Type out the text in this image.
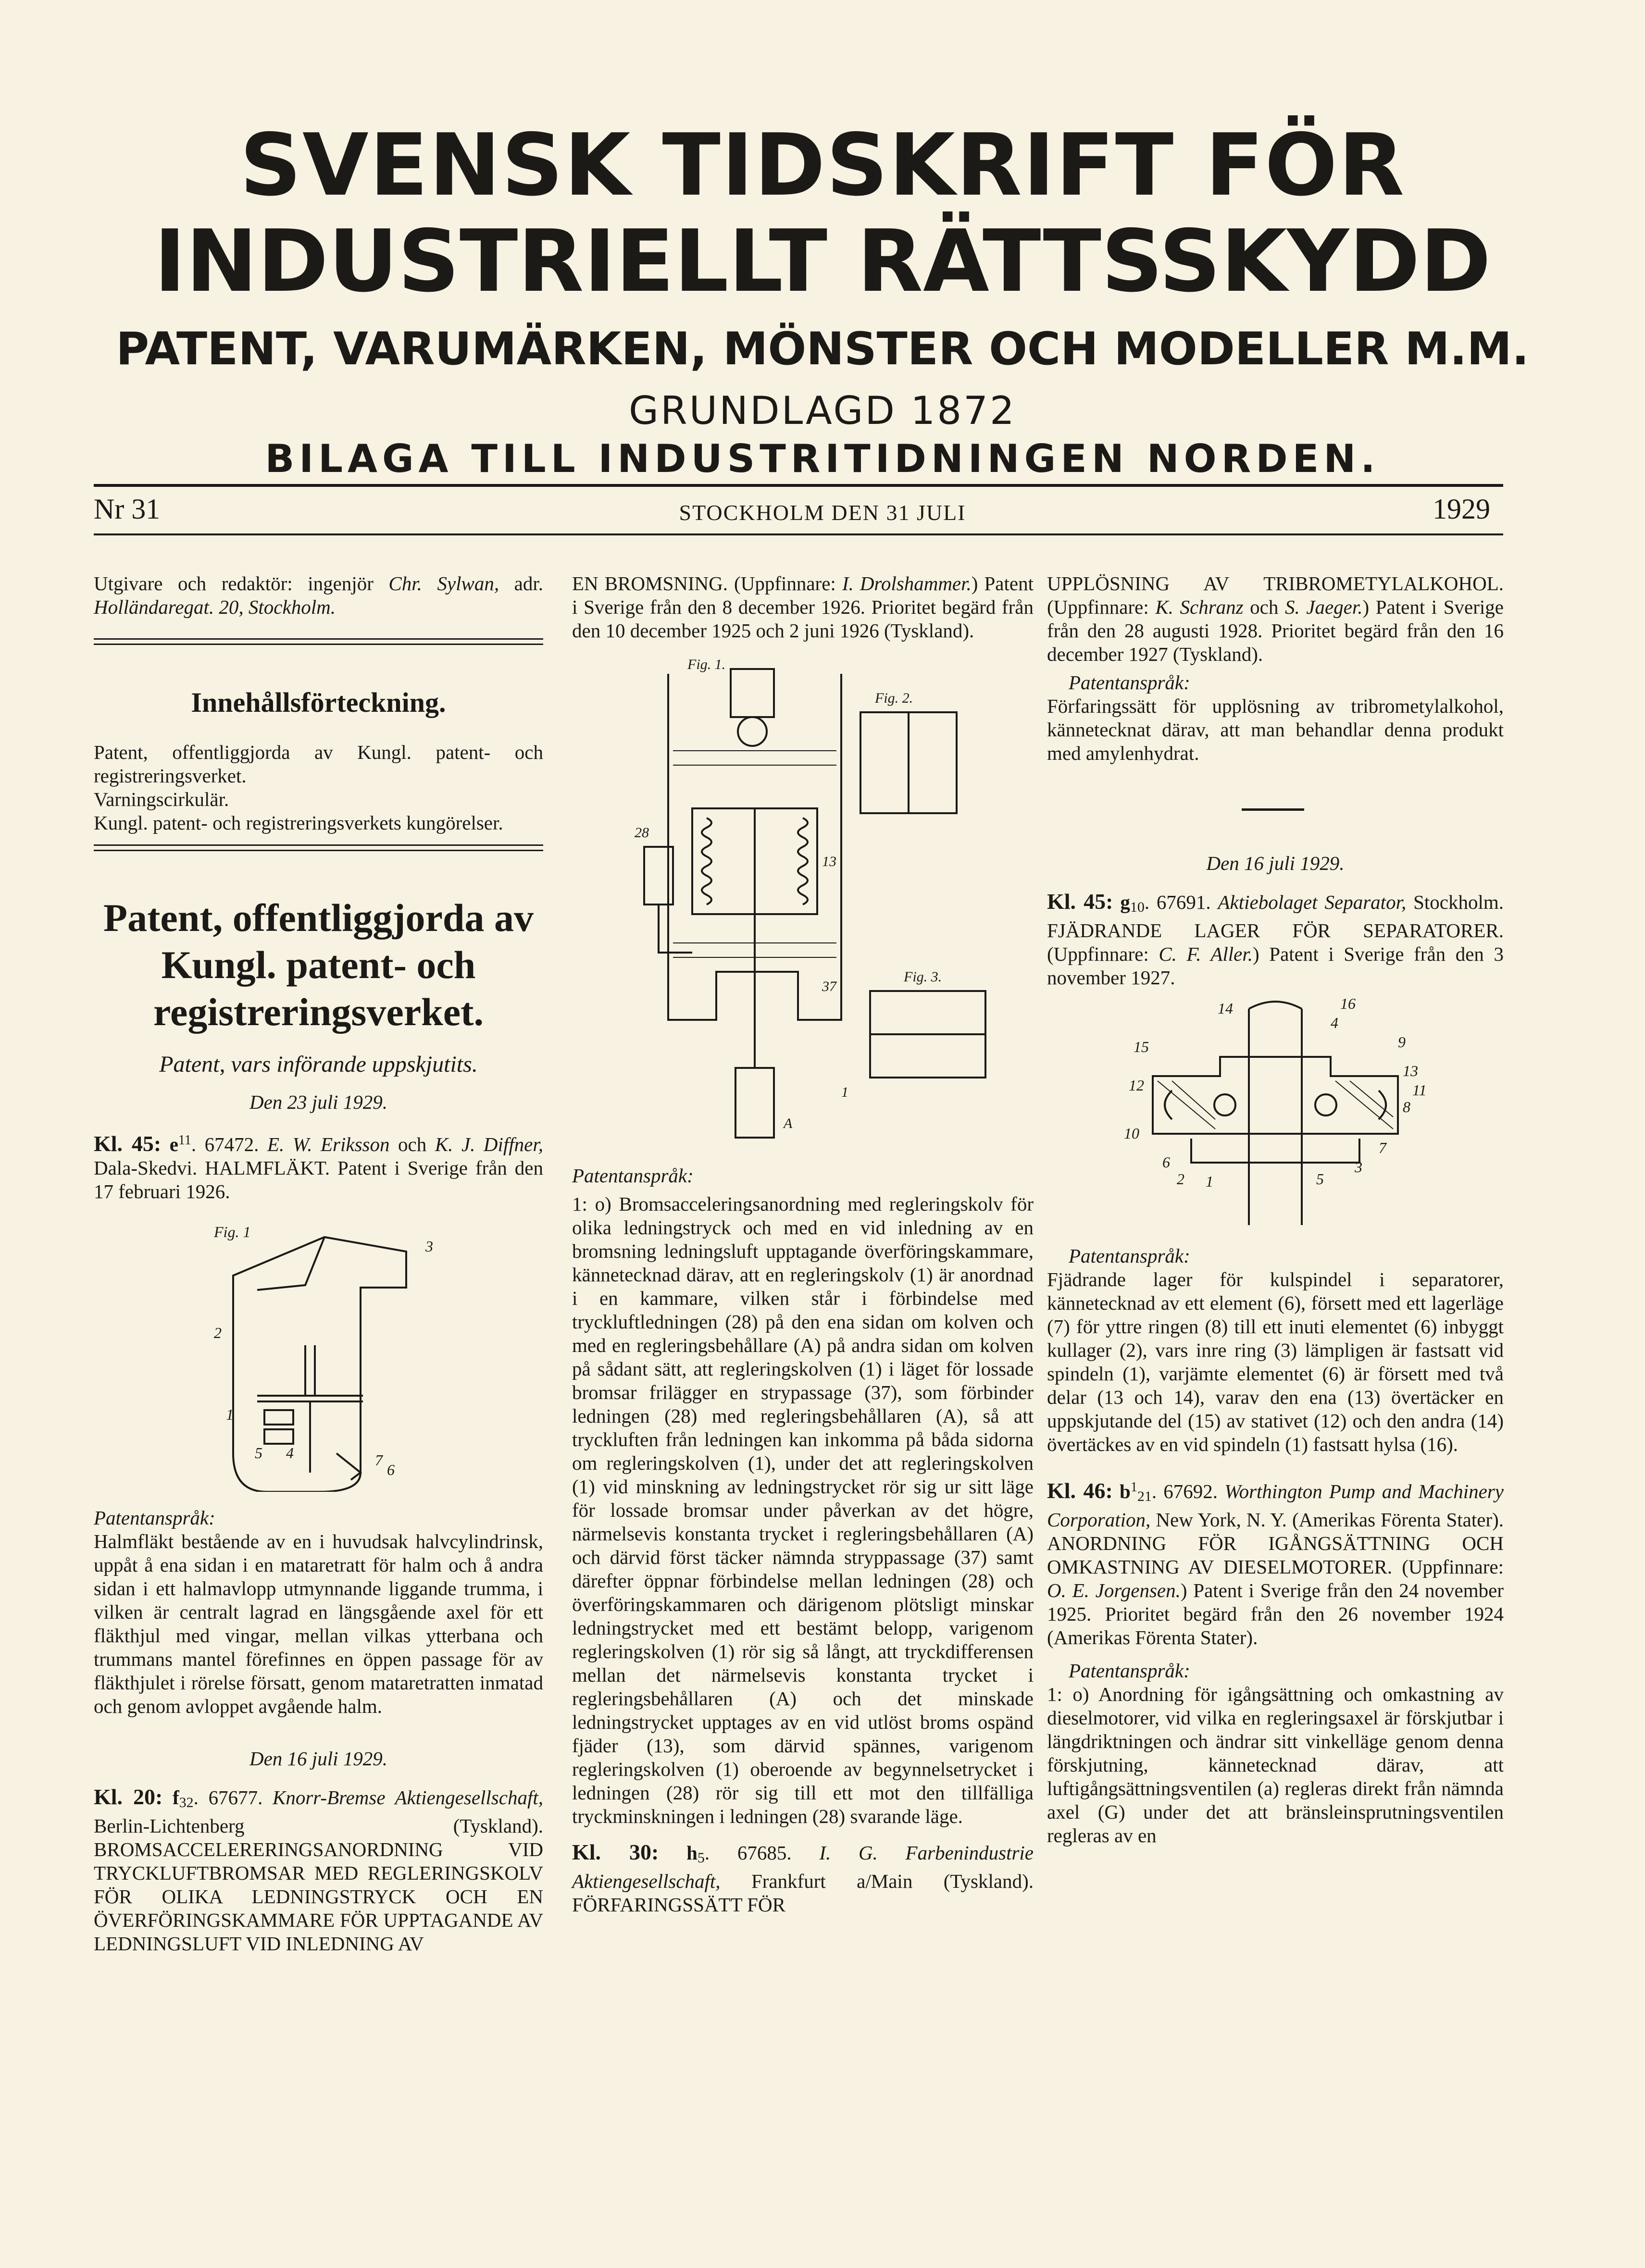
SVENSK TIDSKRIFT FÖR
INDUSTRIELLT RÄTTSSKYDD
PATENT, VARUMÄRKEN, MÖNSTER OCH MODELLER M.M.
GRUNDLAGD 1872
BILAGA TILL INDUSTRITIDNINGEN NORDEN.
Nr 31	STOCKHOLM DEN 31 JULI	1929

Utgivare och redaktör: ingenjör Chr. Sylwan, adr. Holländaregat. 20, Stockholm.

Innehållsförteckning.

Patent, offentliggjorda av Kungl. patent- och registreringsverket.

Varningscirkulär.

Kungl. patent- och registreringsverkets kungörelser.

Patent, offentliggjorda av Kungl. patent- och registreringsverket.

Patent, vars införande uppskjutits.

Den 23 juli 1929.

Kl. 45: $e^{11}$. 67472. E. W. Eriksson och K. J. Diffner, Dala-Skedvi. HALMFLÄKT. Patent i Sverige från den 17 februari 1926.

Fig. 1
3
2
1
5 4	7
6

Patentanspråk:

Halmfläkt bestående av en i huvudsak halvcylindrinsk, uppåt å ena sidan i en mataretratt för halm och å andra sidan i ett halmavlopp utmynnande liggande trumma, i vilken är centralt lagrad en längsgående axel för ett fläkthjul med vingar, mellan vilkas ytterbana och trummans mantel förefinnes en öppen passage för av fläkthjulet i rörelse försatt, genom mataretratten inmatad och genom avloppet avgående halm.

Den 16 juli 1929.

Kl. 20: $f_{32}$. 67677. Knorr-Bremse Aktiengesellschaft, Berlin-Lichtenberg (Tyskland). BROMSACCELERERINGSANORDNING VID TRYCKLUFTBROMSAR MED REGLERINGSKOLV FÖR OLIKA LEDNINGSTRYCK OCH EN ÖVERFÖRINGSKAMMARE FÖR UPPTAGANDE AV LEDNINGSLUFT VID INLEDNING AV

EN BROMSNING. (Uppfinnare: I. Drolshammer.) Patent i Sverige från den 8 december 1926. Prioritet begärd från den 10 december 1925 och 2 juni 1926 (Tyskland).

Fig. 1.
Fig. 2.
Fig. 3.
28
13
37
1
A

Patentanspråk:

1: o) Bromsacceleringsanordning med regleringskolv för olika ledningstryck och med en vid inledning av en bromsning ledningsluft upptagande överföringskammare, kännetecknad därav, att en regleringskolv (1) är anordnad i en kammare, vilken står i förbindelse med tryckluftledningen (28) på den ena sidan om kolven och med en regleringsbehållare (A) på andra sidan om kolven på sådant sätt, att regleringskolven (1) i läget för lossade bromsar frilägger en strypassage (37), som förbinder ledningen (28) med regleringsbehållaren (A), så att tryckluften från ledningen kan inkomma på båda sidorna om regleringskolven (1), under det att regleringskolven (1) vid minskning av ledningstrycket rör sig ur sitt läge för lossade bromsar under påverkan av det högre, närmelsevis konstanta trycket i regleringsbehållaren (A) och därvid först täcker nämnda stryppassage (37) samt därefter öppnar förbindelse mellan ledningen (28) och överföringskammaren och därigenom plötsligt minskar ledningstrycket med ett bestämt belopp, varigenom regleringskolven (1) rör sig så långt, att tryckdifferensen mellan det närmelsevis konstanta trycket i regleringsbehållaren (A) och det minskade ledningstrycket upptages av en vid utlöst broms ospänd fjäder (13), som därvid spännes, varigenom regleringskolven (1) oberoende av begynnelsetrycket i ledningen (28) rör sig till ett mot den tillfälliga tryckminskningen i ledningen (28) svarande läge.

Kl. 30: $h_5$. 67685. I. G. Farbenindustrie Aktiengesellschaft, Frankfurt a/Main (Tyskland). FÖRFARINGSSÄTT FÖR

UPPLÖSNING AV TRIBROMETYLALKOHOL. (Uppfinnare: K. Schranz och S. Jaeger.) Patent i Sverige från den 28 augusti 1928. Prioritet begärd från den 16 december 1927 (Tyskland).

Patentanspråk:

Förfaringssätt för upplösning av tribrometylalkohol, kännetecknat därav, att man behandlar denna produkt med amylenhydrat.

Den 16 juli 1929.

Kl. 45: $g_{10}$. 67691. Aktiebolaget Separator, Stockholm. FJÄDRANDE LAGER FÖR SEPARATORER. (Uppfinnare: C. F. Aller.) Patent i Sverige från den 3 november 1927.

14	16
4
9
15
13
12	11
8
10
7
6
2 1	5
3

Patentanspråk:

Fjädrande lager för kulspindel i separatorer, kännetecknad av ett element (6), försett med ett lagerläge (7) för yttre ringen (8) till ett inuti elementet (6) inbyggt kullager (2), vars inre ring (3) lämpligen är fastsatt vid spindeln (1), varjämte elementet (6) är försett med två delar (13 och 14), varav den ena (13) övertäcker en uppskjutande del (15) av stativet (12) och den andra (14) övertäckes av en vid spindeln (1) fastsatt hylsa (16).

Kl. 46: $b^1_{21}$. 67692. Worthington Pump and Machinery Corporation, New York, N. Y. (Amerikas Förenta Stater). ANORDNING FÖR IGÅNGSÄTTNING OCH OMKASTNING AV DIESELMOTORER. (Uppfinnare: O. E. Jorgensen.) Patent i Sverige från den 24 november 1925. Prioritet begärd från den 26 november 1924 (Amerikas Förenta Stater).

Patentanspråk:

1: o) Anordning för igångsättning och omkastning av dieselmotorer, vid vilka en regleringsaxel är förskjutbar i längdriktningen och ändrar sitt vinkelläge genom denna förskjutning, kännetecknad därav, att luftigångsättningsventilen (a) regleras direkt från nämnda axel (G) under det att bränsleinsprutningsventilen regleras av en
